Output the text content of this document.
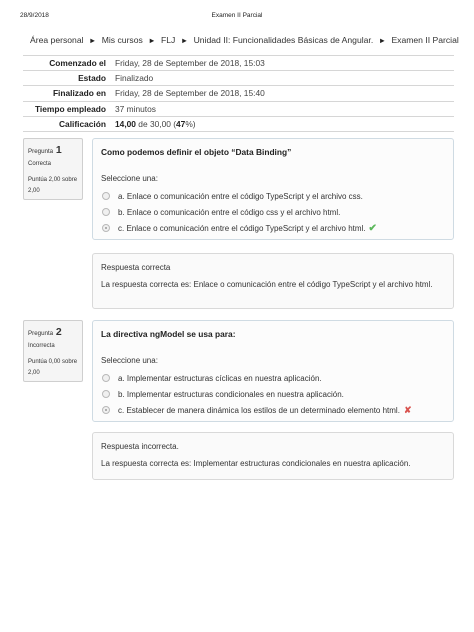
28/9/2018	Examen II Parcial
Área personal ► Mis cursos ► FLJ ► Unidad II: Funcionalidades Básicas de Angular. ► Examen II Parcial
Comenzado el	Friday, 28 de September de 2018, 15:03
Estado	Finalizado
Finalizado en	Friday, 28 de September de 2018, 15:40
Tiempo empleado	37 minutos
Calificación	14,00 de 30,00 (47%)
Pregunta 1
Correcta
Puntúa 2,00 sobre
2,00
Como podemos definir el objeto “Data Binding”
Seleccione una:
a. Enlace o comunicación entre el código TypeScript y el archivo css.
b. Enlace o comunicación entre el código css y el archivo html.
c. Enlace o comunicación entre el código TypeScript y el archivo html. ✔
Respuesta correcta
La respuesta correcta es: Enlace o comunicación entre el código TypeScript y el archivo html.
Pregunta 2
Incorrecta
Puntúa 0,00 sobre
2,00
La directiva ngModel se usa para:
Seleccione una:
a. Implementar estructuras cíclicas en nuestra aplicación.
b. Implementar estructuras condicionales en nuestra aplicación.
c. Establecer de manera dinámica los estilos de un determinado elemento html. ✘
Respuesta incorrecta.
La respuesta correcta es: Implementar estructuras condicionales en nuestra aplicación.
